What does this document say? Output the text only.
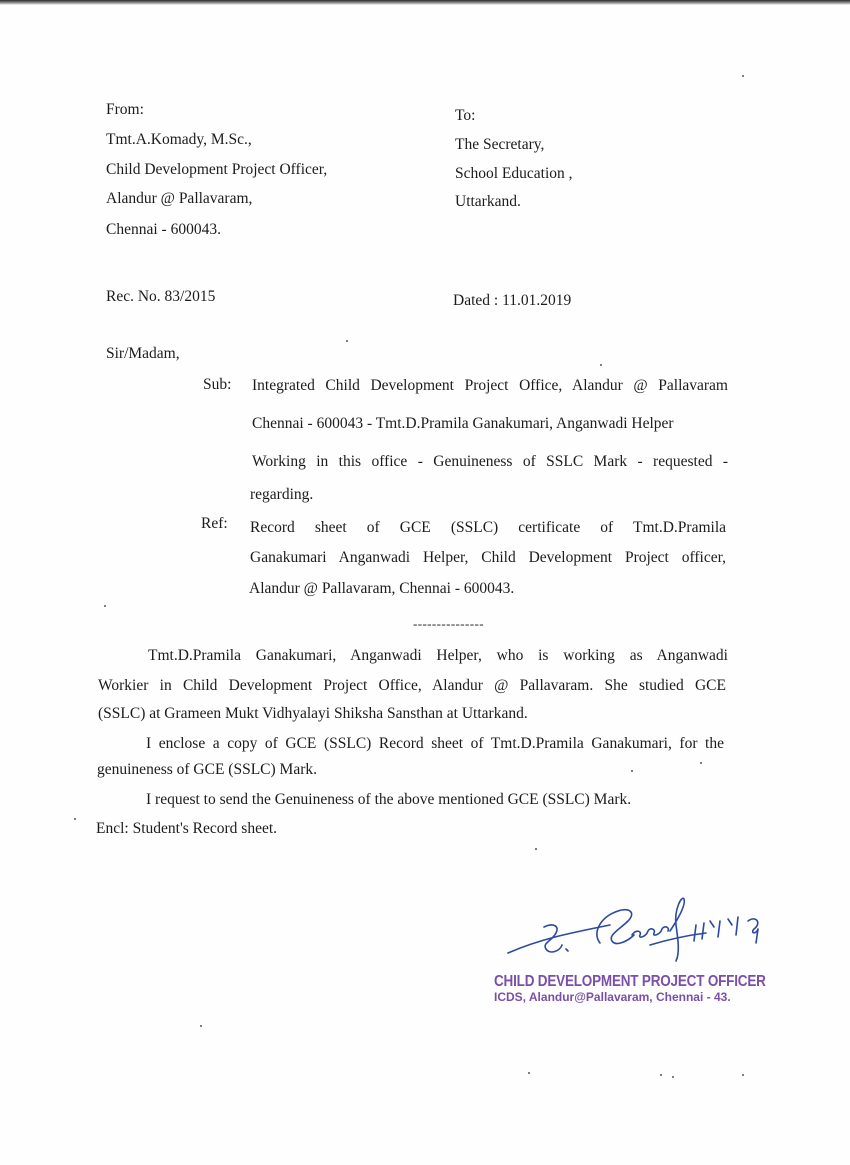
From:
Tmt.A.Komady, M.Sc.,
Child Development Project Officer,
Alandur @ Pallavaram,
Chennai - 600043.
To:
The Secretary,
School Education ,
Uttarkand.
Rec. No. 83/2015	Dated : 11.01.2019
Sir/Madam,
Sub: Integrated Child Development Project Office, Alandur @ Pallavaram
Chennai - 600043 - Tmt.D.Pramila Ganakumari, Anganwadi Helper
Working in this office - Genuineness of SSLC Mark - requested -
regarding.
Ref: Record sheet of GCE (SSLC) certificate of Tmt.D.Pramila
Ganakumari Anganwadi Helper, Child Development Project officer,
Alandur @ Pallavaram, Chennai - 600043.
---------------
Tmt.D.Pramila Ganakumari, Anganwadi Helper, who is working as Anganwadi
Workier in Child Development Project Office, Alandur @ Pallavaram. She studied GCE
(SSLC) at Grameen Mukt Vidhyalayi Shiksha Sansthan at Uttarkand.
I enclose a copy of GCE (SSLC) Record sheet of Tmt.D.Pramila Ganakumari, for the
genuineness of GCE (SSLC) Mark.
I request to send the Genuineness of the above mentioned GCE (SSLC) Mark.
Encl: Student's Record sheet.
CHILD DEVELOPMENT PROJECT OFFICER
ICDS, Alandur@Pallavaram, Chennai - 43.
